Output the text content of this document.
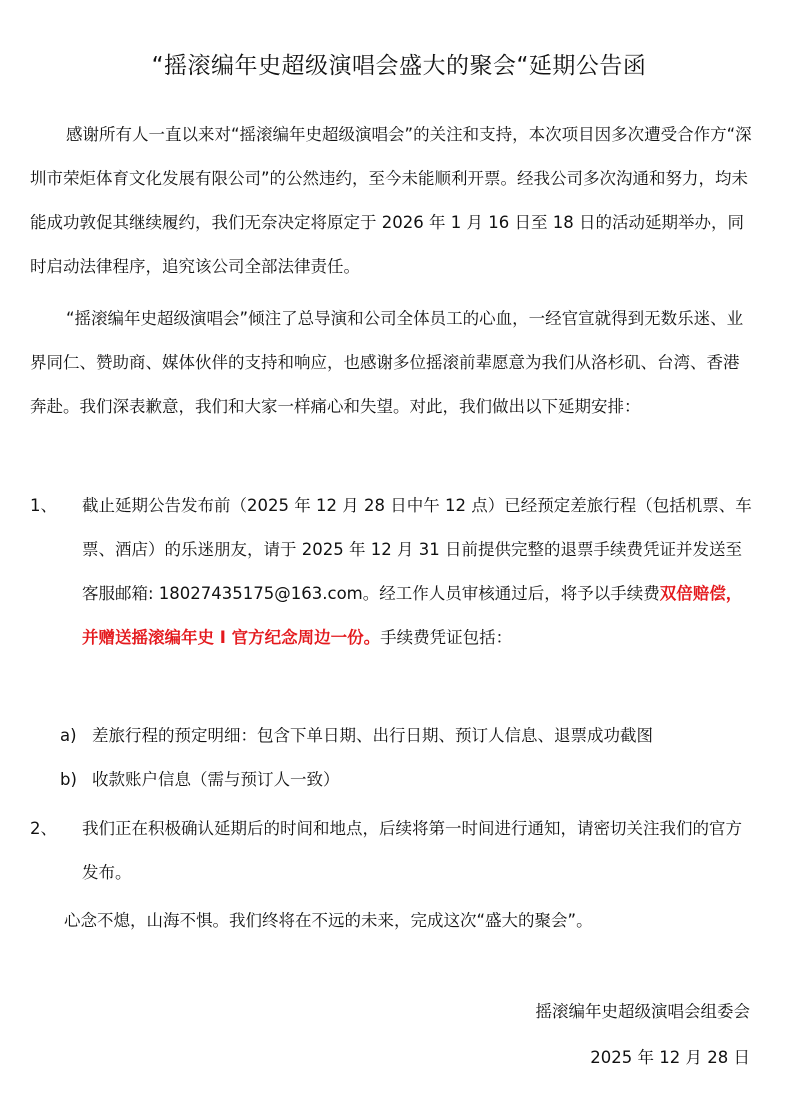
“摇滚编年史超级演唱会盛大的聚会“延期公告函
感谢所有人一直以来对“摇滚编年史超级演唱会”的关注和支持，本次项目因多次遭受合作方“深圳市荣炬体育文化发展有限公司”的公然违约，至今未能顺利开票。经我公司多次沟通和努力，均未能成功敦促其继续履约，我们无奈决定将原定于 2026 年 1 月 16 日至 18 日的活动延期举办，同时启动法律程序，追究该公司全部法律责任。
“摇滚编年史超级演唱会”倾注了总导演和公司全体员工的心血，一经官宣就得到无数乐迷、业界同仁、赞助商、媒体伙伴的支持和响应，也感谢多位摇滚前辈愿意为我们从洛杉矶、台湾、香港奔赴。我们深表歉意，我们和大家一样痛心和失望。对此，我们做出以下延期安排：
1、 截止延期公告发布前（2025 年 12 月 28 日中午 12 点）已经预定差旅行程（包括机票、车票、酒店）的乐迷朋友，请于 2025 年 12 月 31 日前提供完整的退票手续费凭证并发送至客服邮箱: 18027435175@163.com。经工作人员审核通过后，将予以手续费双倍赔偿，并赠送摇滚编年史 I 官方纪念周边一份。手续费凭证包括：
a) 差旅行程的预定明细：包含下单日期、出行日期、预订人信息、退票成功截图
b) 收款账户信息（需与预订人一致）
2、 我们正在积极确认延期后的时间和地点，后续将第一时间进行通知，请密切关注我们的官方发布。
心念不熄，山海不惧。我们终将在不远的未来，完成这次“盛大的聚会”。
摇滚编年史超级演唱会组委会
2025 年 12 月 28 日
